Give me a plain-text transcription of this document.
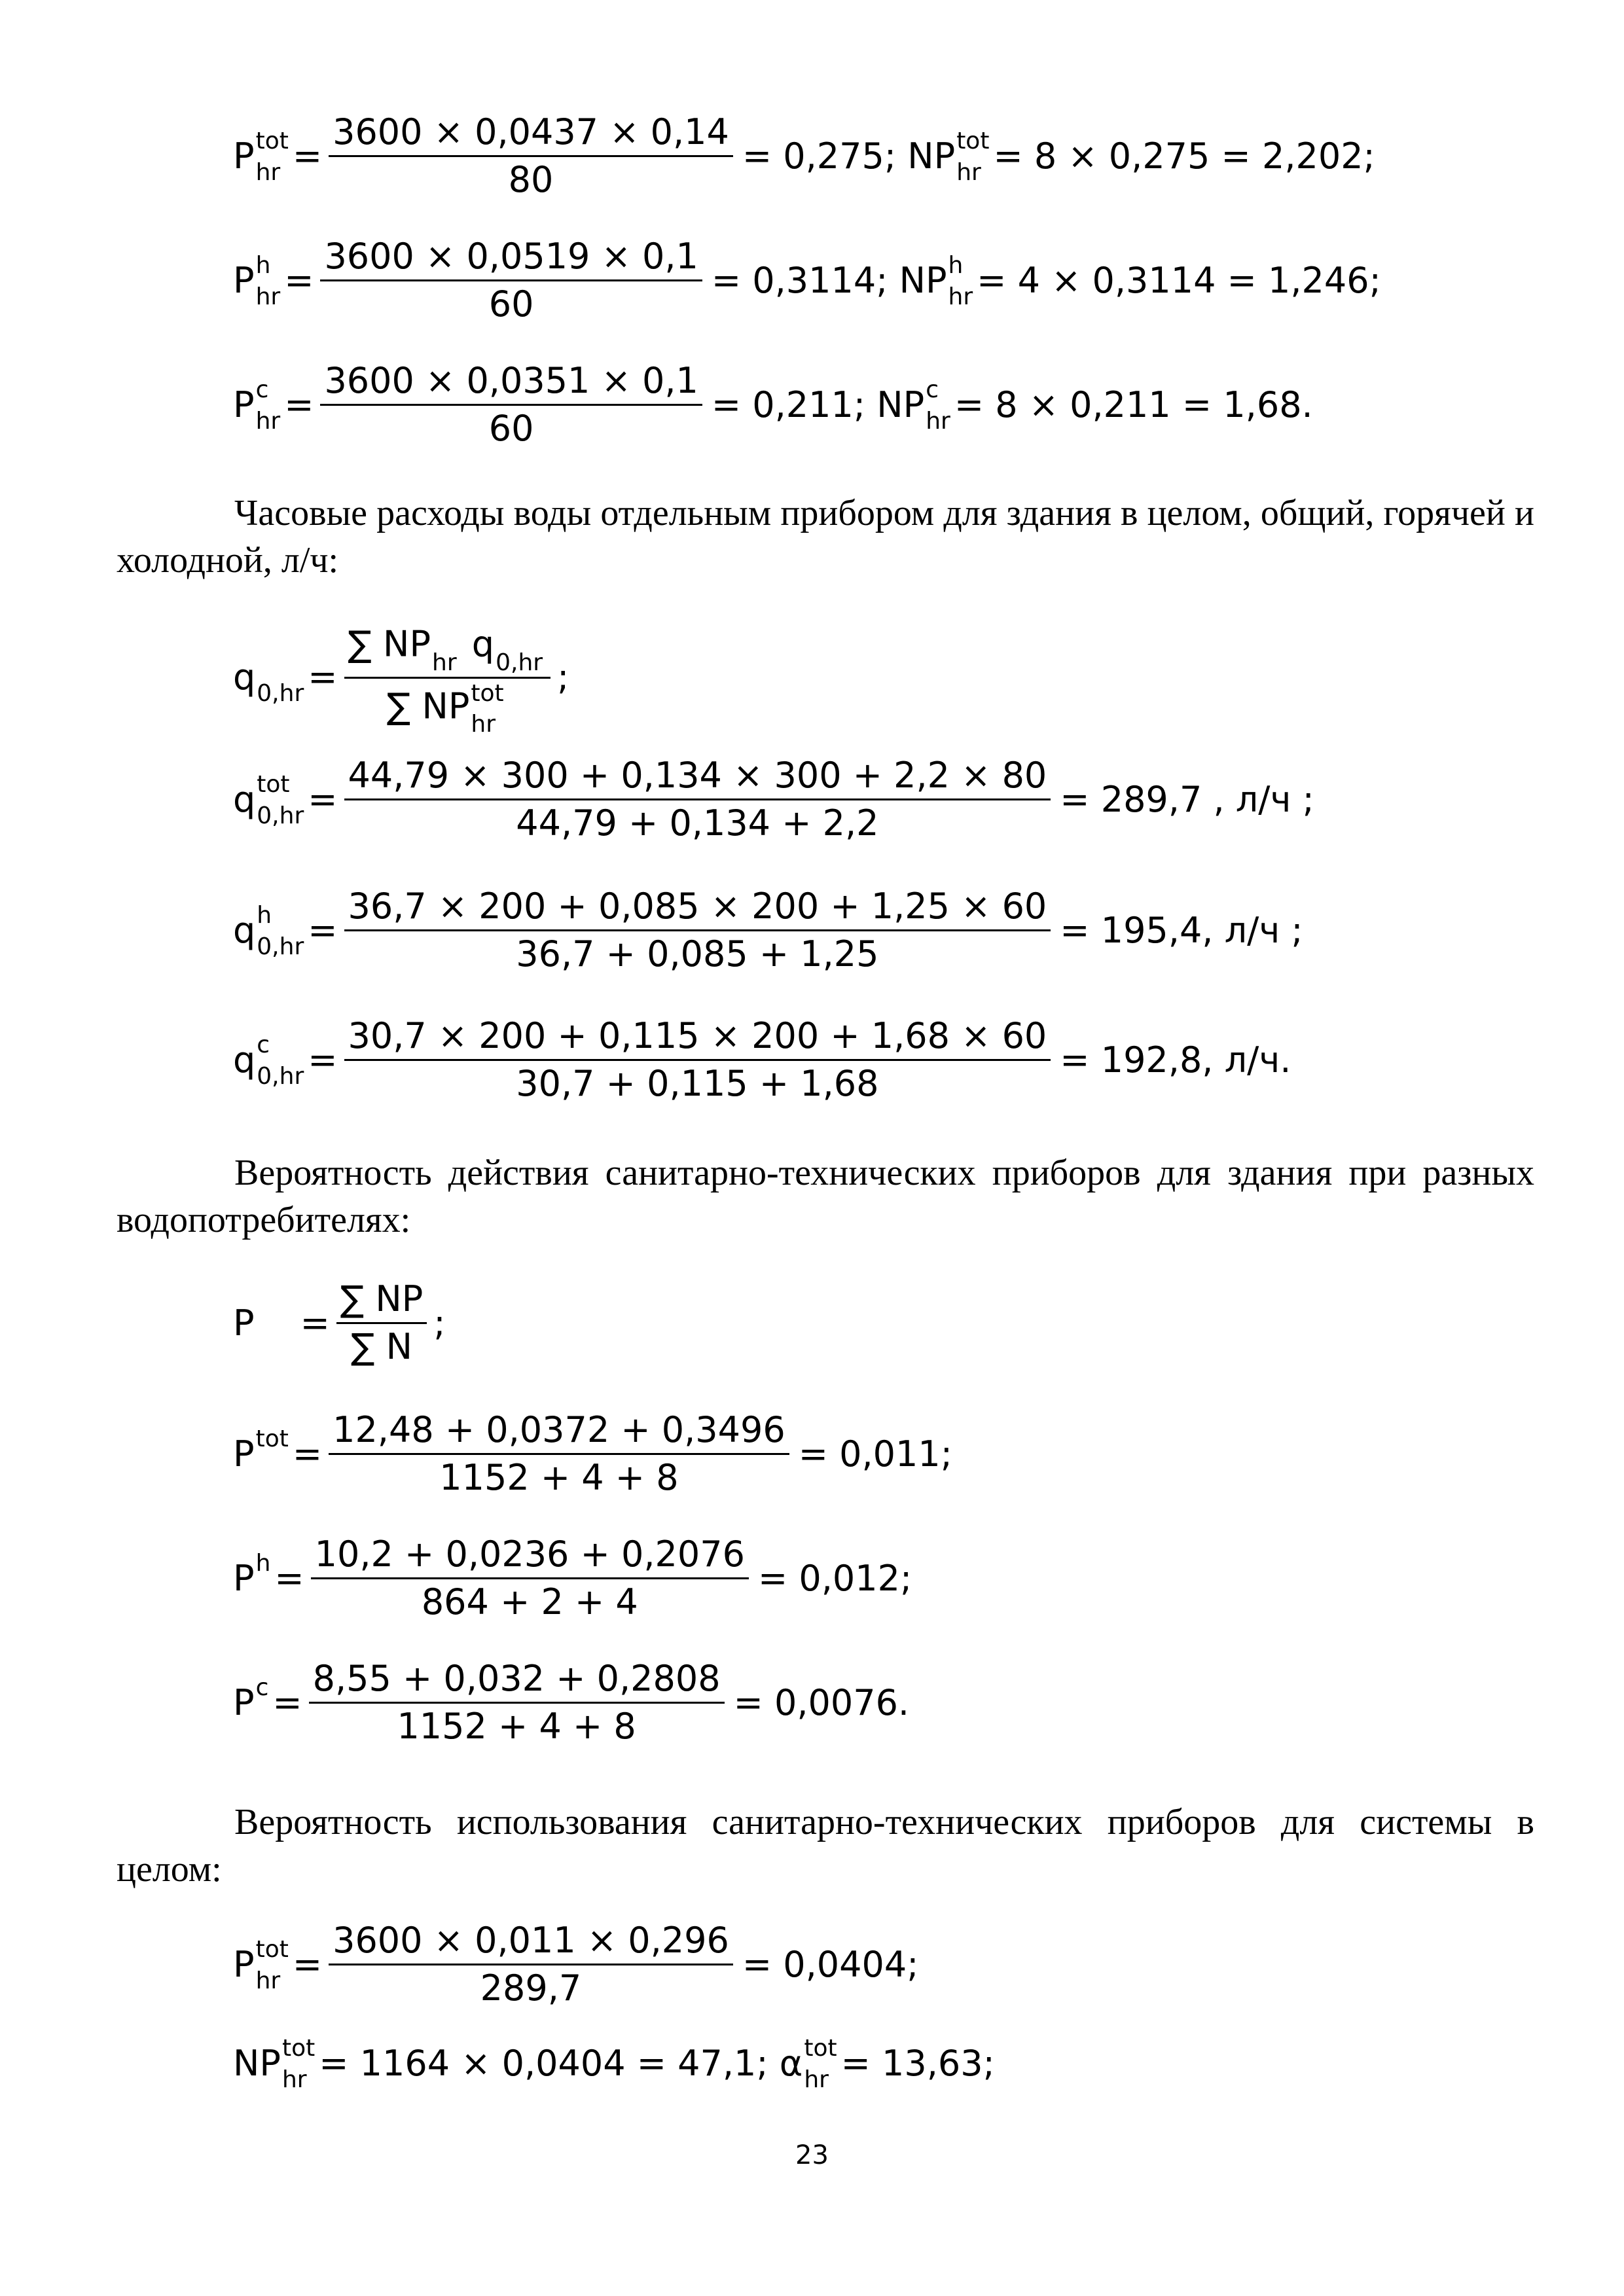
P tot
hr = $\frac{3600 \times 0,0437 \times 0,14}{80} = 0,275$; NP tot
hr = 8 × 0,275 = 2,202;
P h
hr = $\frac{3600 \times 0,0519 \times 0,1}{60} = 0,3114$; NP h
hr = 4 × 0,3114 = 1,246;
P c
hr = $\frac{3600 \times 0,0351 \times 0,1}{60} = 0,211$; NP c
hr = 8 × 0,211 = 1,68.
Часовые расходы воды отдельным прибором для здания в целом, общий, горячей и холодной, л/ч:
q
0,hr = ∑ NP
hr q
0,hr
∑ NP tot
hr ;
q tot
$0,hr = \frac{44,79 \times 300 + 0,134 \times 300 + 2,2 \times 80}{44,79 + 0,134 + 2,2} = 289,7$ , л/ч ;
q h
$0,hr = \frac{36,7 \times 200 + 0,085 \times 200 + 1,25 \times 60}{36,7 + 0,085 + 1,25} = 195,4$, л/ч ;
q c
$0,hr = \frac{30,7 \times 200 + 0,115 \times 200 + 1,68 \times 60}{30,7 + 0,115 + 1,68} = 192,8$, л/ч.
Вероятность действия санитарно-технических приборов для здания при разных водопотребителях:
$P = \frac{\sum NP}{\sum N}$ ;
P tot
= $\frac{12,48 + 0,0372 + 0,3496}{1152 + 4 + 8} = 0,011$;
P h
= $\frac{10,2 + 0,0236 + 0,2076}{864 + 2 + 4} = 0,012$;
P c
= $\frac{8,55 + 0,032 + 0,2808}{1152 + 4 + 8} = 0,0076$.
Вероятность использования санитарно-технических приборов для системы в целом:
P tot
hr = $\frac{3600 \times 0,011 \times 0,296}{289,7} = 0,0404$;
NP tot
hr = 1164 × 0,0404 = 47,1; α tot
hr = 13,63;
23
